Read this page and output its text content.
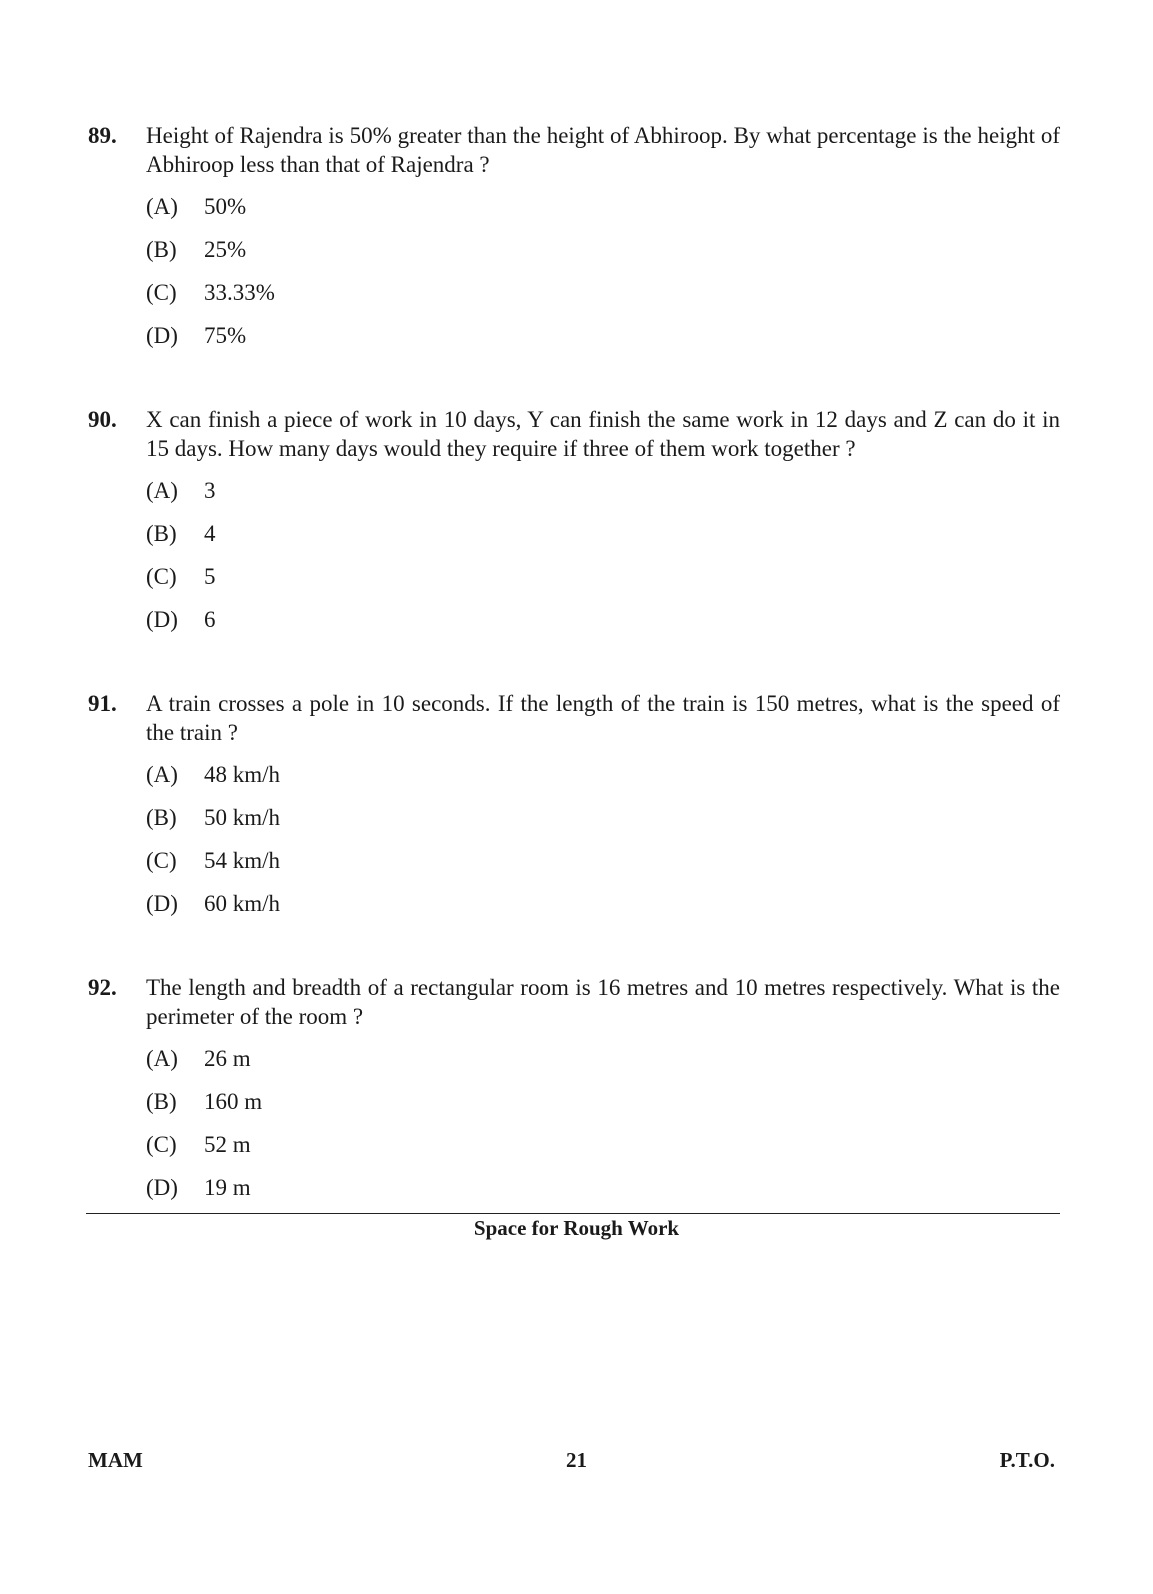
89.	Height of Rajendra is 50% greater than the height of Abhiroop. By what percentage is the height of Abhiroop less than that of Rajendra ?
(A)	50%
(B)	25%
(C)	33.33%
(D)	75%
90.	X can finish a piece of work in 10 days, Y can finish the same work in 12 days and Z can do it in 15 days. How many days would they require if three of them work together ?
(A)	3
(B)	4
(C)	5
(D)	6
91.	A train crosses a pole in 10 seconds. If the length of the train is 150 metres, what is the speed of the train ?
(A)	48 km/h
(B)	50 km/h
(C)	54 km/h
(D)	60 km/h
92.	The length and breadth of a rectangular room is 16 metres and 10 metres respectively. What is the perimeter of the room ?
(A)	26 m
(B)	160 m
(C)	52 m
(D)	19 m
Space for Rough Work
MAM	21	P.T.O.
